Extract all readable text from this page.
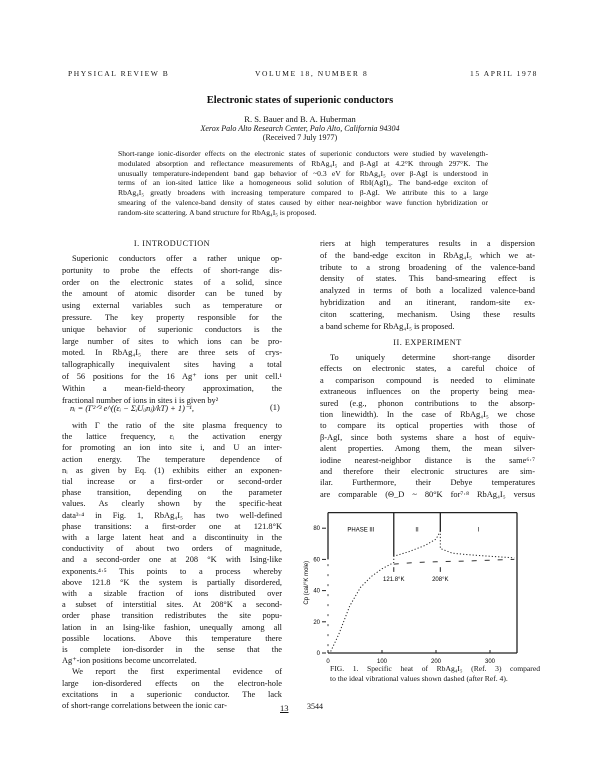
PHYSICAL REVIEW B	VOLUME 18, NUMBER 8	15 APRIL 1978
Electronic states of superionic conductors
R. S. Bauer and B. A. Huberman
Xerox Palo Alto Research Center, Palo Alto, California 94304
(Received 7 July 1977)
Short-range ionic-disorder effects on the electronic states of superionic conductors were studied by wavelength-
modulated absorption and reflectance measurements of RbAg₄I₅ and β-AgI at 4.2°K through 297°K. The
unusually temperature-independent band gap behavior of ~0.3 eV for RbAg₄I₅ over β-AgI is understood in
terms of an ion-sited lattice like a homogeneous solid solution of RbI(AgI)₄. The band-edge exciton of
RbAg₄I₅ greatly broadens with increasing temperature compared to β-AgI. We attribute this to a large
smearing of the valence-band density of states caused by either near-neighbor wave function hybridization or
random-site scattering. A band structure for RbAg₄I₅ is proposed.
I. INTRODUCTION
Superionic conductors offer a rather unique op-
portunity to probe the effects of short-range dis-
order on the electronic states of a solid, since
the amount of atomic disorder can be tuned by
using external variables such as temperature or
pressure. The key property responsible for the
unique behavior of superionic conductors is the
large number of sites to which ions can be pro-
moted. In RbAg₄I₅ there are three sets of crys-
tallographically inequivalent sites having a total
of 56 positions for the 16 Ag⁺ ions per unit cell.¹
Within a mean-field-theory approximation, the
fractional number of ions in sites i is given by²
nᵢ = (Γ²ᐟ³ e^((εᵢ − ΣⱼUᵢⱼnⱼ)/kT) + 1)⁻¹,	(1)
with Γ the ratio of the site plasma frequency to
the lattice frequency, εᵢ the activation energy
for promoting an ion into site i, and U an inter-
action energy. The temperature dependence of
nᵢ as given by Eq. (1) exhibits either an exponen-
tial increase or a first-order or second-order
phase transition, depending on the parameter
values. As clearly shown by the specific-heat
data³·⁴ in Fig. 1, RbAg₄I₅ has two well-defined
phase transitions: a first-order one at 121.8°K
with a large latent heat and a discontinuity in the
conductivity of about two orders of magnitude,
and a second-order one at 208 °K with Ising-like
exponents.⁴·⁵ This points to a process whereby
above 121.8 °K the system is partially disordered,
with a sizable fraction of ions distributed over
a subset of interstitial sites. At 208°K a second-
order phase transition redistributes the site popu-
lation in an Ising-like fashion, unequally among all
possible locations. Above this temperature there
is complete ion-disorder in the sense that the
Ag⁺-ion positions become uncorrelated.
We report the first experimental evidence of
large ion-disordered effects on the electron-hole
excitations in a superionic conductor. The lack
of short-range correlations between the ionic car-
riers at high temperatures results in a dispersion
of the band-edge exciton in RbAg₄I₅ which we at-
tribute to a strong broadening of the valence-band
density of states. This band-smearing effect is
analyzed in terms of both a localized valence-band
hybridization and an itinerant, random-site ex-
citon scattering, mechanism. Using these results
a band scheme for RbAg₄I₅ is proposed.
II. EXPERIMENT
To uniquely determine short-range disorder
effects on electronic states, a careful choice of
a comparison compound is needed to eliminate
extraneous influences on the property being mea-
sured (e.g., phonon contributions to the absorp-
tion linewidth). In the case of RbAg₄I₅ we chose
to compare its optical properties with those of
β-AgI, since both systems share a host of equiv-
alent properties. Among them, the mean silver-
iodine nearest-neighbor distance is the same⁶·⁷
and therefore their electronic structures are sim-
ilar. Furthermore, their Debye temperatures
are comparable (Θ_D ~ 80°K for⁷·⁸ RbAg₄I₅ versus
0	100	200	300
0
20
40
60
80	PHASE III	II	I
121.8°K	208°K
Cp (cal/°K mole)
FIG. 1. Specific heat of RbAg₄I₅ (Ref. 3) compared
to the ideal vibrational values shown dashed (after Ref. 4).
13 3544
